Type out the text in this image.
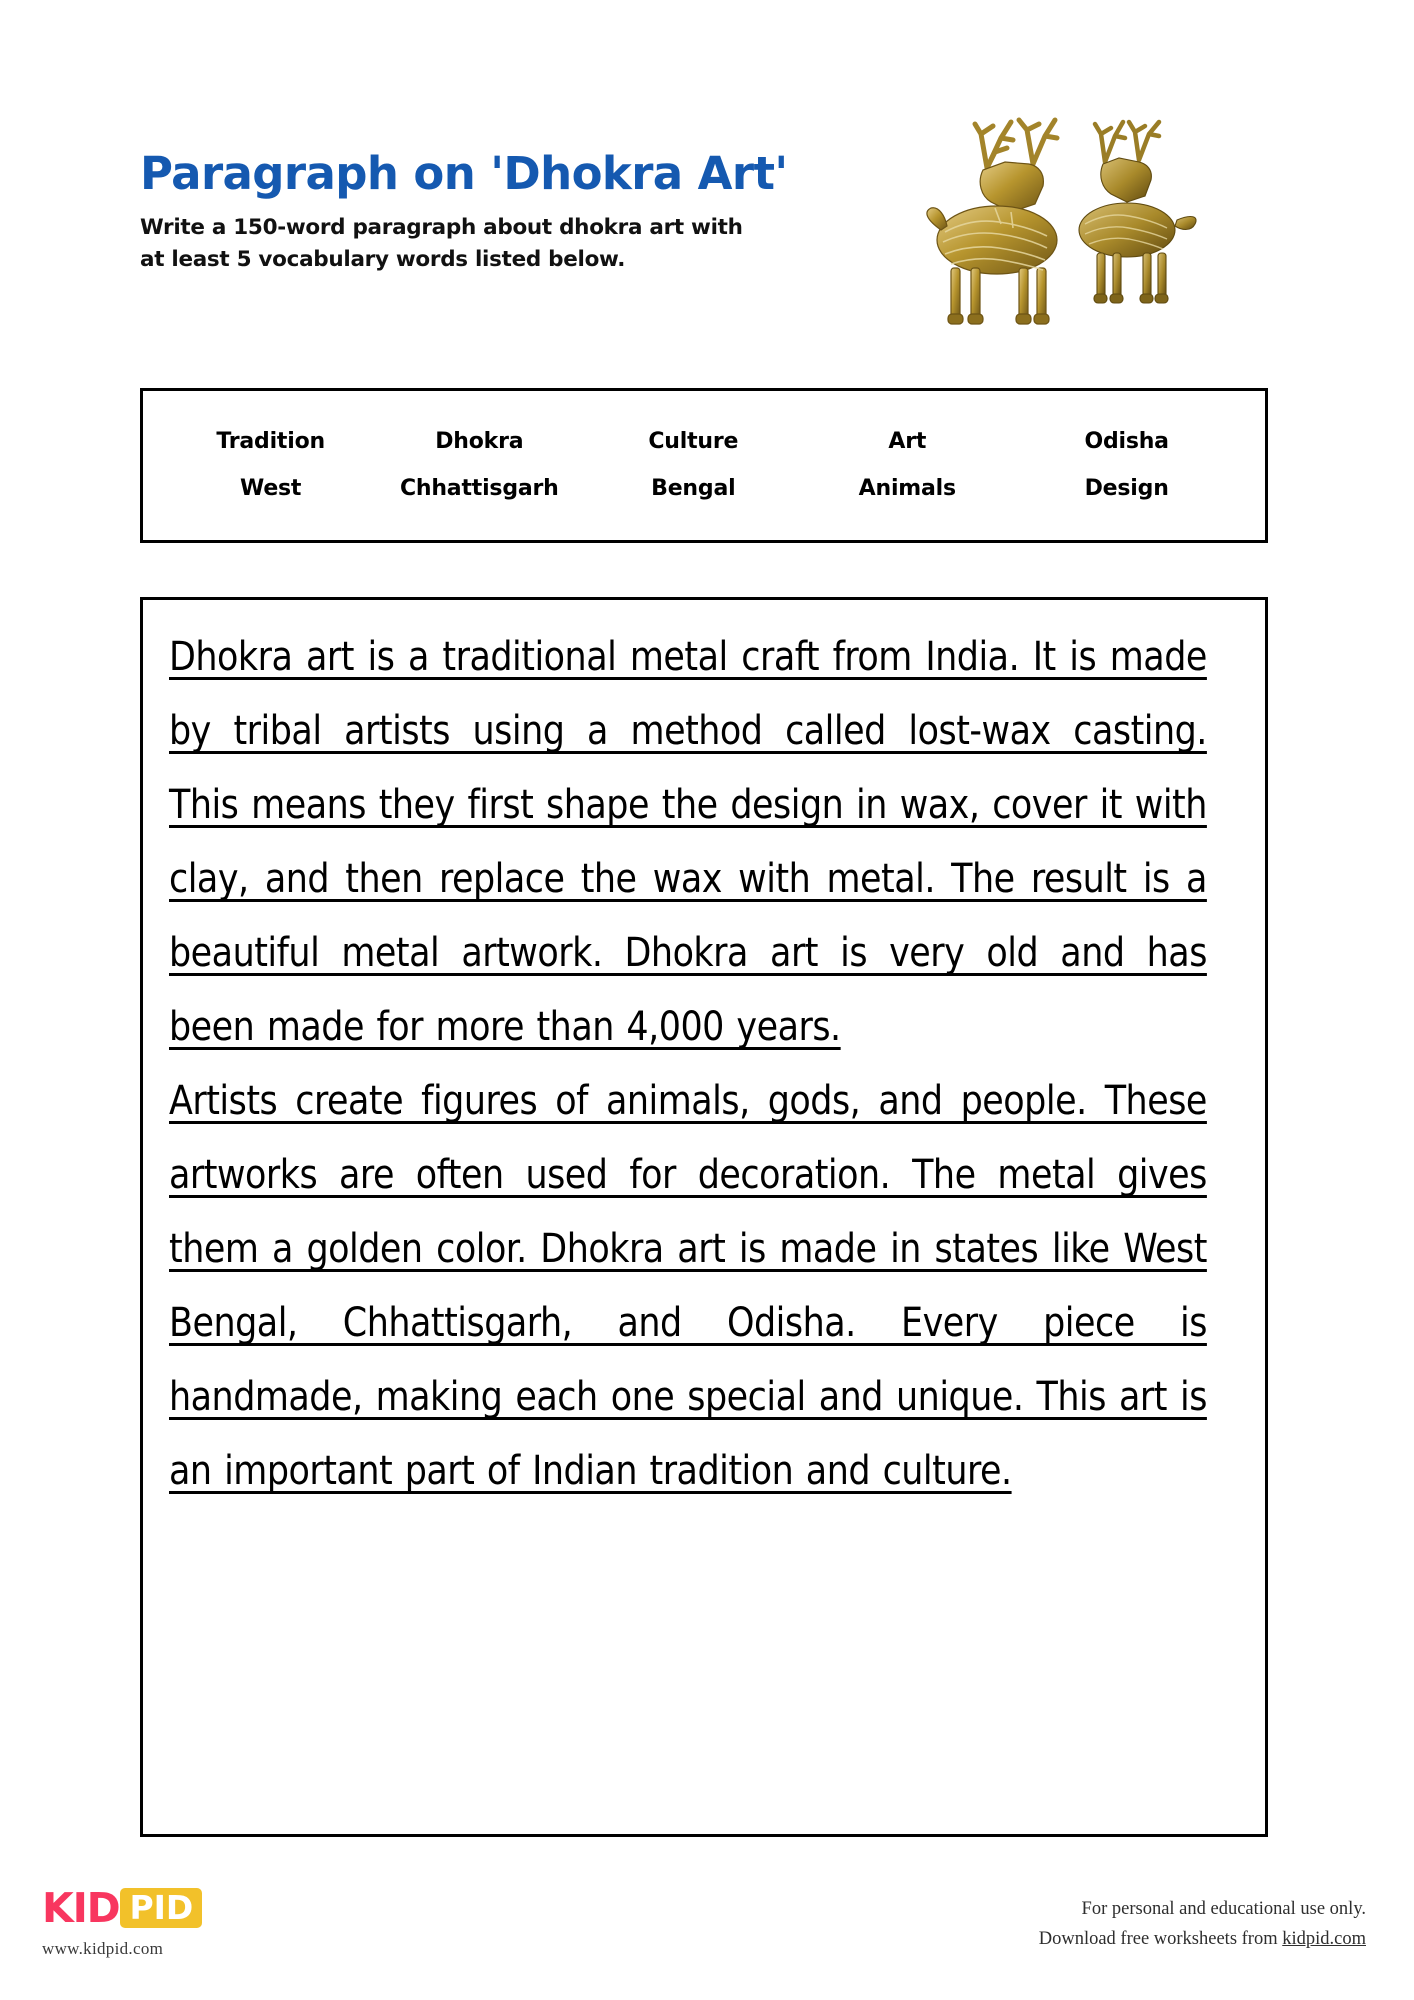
Paragraph on 'Dhokra Art'

Write a 150-word paragraph about dhokra art with
at least 5 vocabulary words listed below.

Tradition	Dhokra	Culture	Art	Odisha
West	Chhattisgarh	Bengal	Animals	Design

Dhokra art is a traditional metal craft from India. It is made by tribal artists using a method called lost-wax casting. This means they first shape the design in wax, cover it with clay, and then replace the wax with metal. The result is a beautiful metal artwork. Dhokra art is very old and has been made for more than 4,000 years.

Artists create figures of animals, gods, and people. These artworks are often used for decoration. The metal gives them a golden color. Dhokra art is made in states like West Bengal, Chhattisgarh, and Odisha. Every piece is handmade, making each one special and unique. This art is an important part of Indian tradition and culture.

KID PID
www.kidpid.com
For personal and educational use only.
Download free worksheets from kidpid.com
